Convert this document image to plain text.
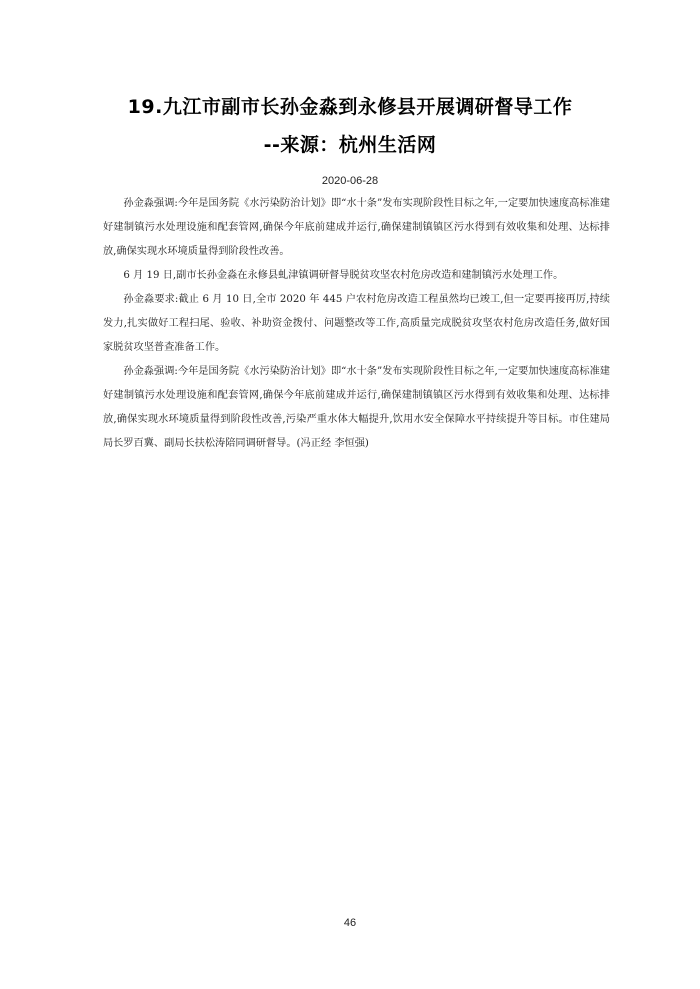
19.九江市副市长孙金淼到永修县开展调研督导工作
--来源：杭州生活网
2020-06-28

孙金淼强调:今年是国务院《水污染防治计划》即“水十条”发布实现阶段性目标之年,一定要加快速度高标准建好建制镇污水处理设施和配套管网,确保今年底前建成并运行,确保建制镇镇区污水得到有效收集和处理、达标排放,确保实现水环境质量得到阶段性改善。

6 月 19 日,副市长孙金淼在永修县虬津镇调研督导脱贫攻坚农村危房改造和建制镇污水处理工作。

孙金淼要求:截止 6 月 10 日,全市 2020 年 445 户农村危房改造工程虽然均已竣工,但一定要再接再厉,持续发力,扎实做好工程扫尾、验收、补助资金拨付、问题整改等工作,高质量完成脱贫攻坚农村危房改造任务,做好国家脱贫攻坚普查准备工作。

孙金淼强调:今年是国务院《水污染防治计划》即“水十条”发布实现阶段性目标之年,一定要加快速度高标准建好建制镇污水处理设施和配套管网,确保今年底前建成并运行,确保建制镇镇区污水得到有效收集和处理、达标排放,确保实现水环境质量得到阶段性改善,污染严重水体大幅提升,饮用水安全保障水平持续提升等目标。市住建局局长罗百冀、副局长扶松涛陪同调研督导。(冯正经 李恒强)

46
